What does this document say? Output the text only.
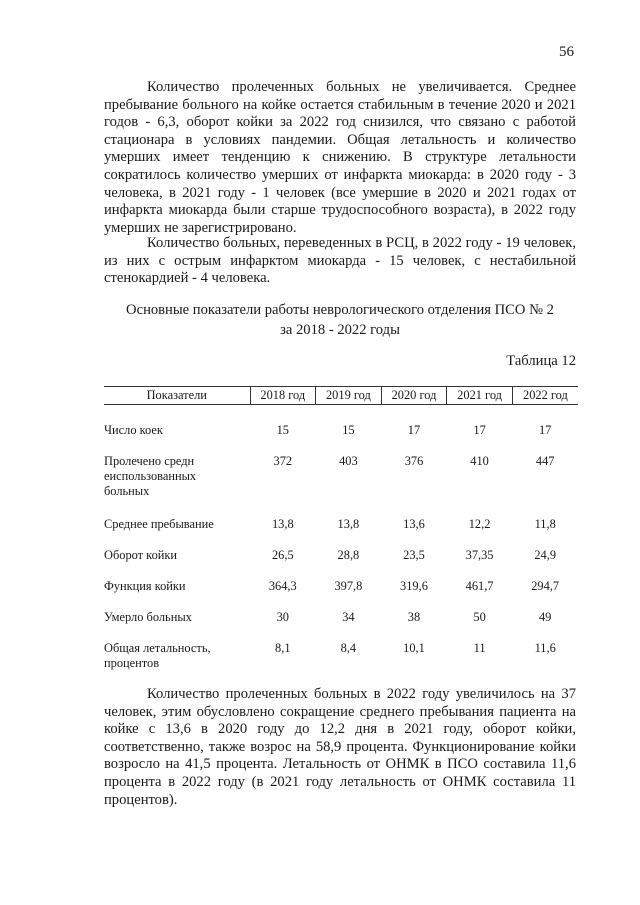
56

Количество пролеченных больных не увеличивается. Среднее пребывание больного на койке остается стабильным в течение 2020 и 2021 годов - 6,3, оборот койки за 2022 год снизился, что связано с работой стационара в условиях пандемии. Общая летальность и количество умерших имеет тенденцию к снижению. В структуре летальности сократилось количество умерших от инфаркта миокарда: в 2020 году - 3 человека, в 2021 году - 1 человек (все умершие в 2020 и 2021 годах от инфаркта миокарда были старше трудоспособного возраста), в 2022 году умерших не зарегистрировано.

Количество больных, переведенных в РСЦ, в 2022 году - 19 человек, из них с острым инфарктом миокарда - 15 человек, с нестабильной стенокардией - 4 человека.

Основные показатели работы неврологического отделения ПСО № 2
за 2018 - 2022 годы
Таблица 12
Показатели	2018 год	2019 год	2020 год	2021 год	2022 год

Число коек	15	15	17	17	17
Пролечено средн​еиспользованных больных	372	403	376	410	447
Среднее пребывание	13,8	13,8	13,6	12,2	11,8
Оборот койки	26,5	28,8	23,5	37,35	24,9
Функция койки	364,3	397,8	319,6	461,7	294,7
Умерло больных	30	34	38	50	49
Общая летальность, процентов	8,1	8,4	10,1	11	11,6

Количество пролеченных больных в 2022 году увеличилось на 37 человек, этим обусловлено сокращение среднего пребывания пациента на койке с 13,6 в 2020 году до 12,2 дня в 2021 году, оборот койки, соответственно, также возрос на 58,9 процента. Функционирование койки возросло на 41,5 процента. Летальность от ОНМК в ПСО составила 11,6 процента в 2022 году (в 2021 году летальность от ОНМК составила 11 процентов).
